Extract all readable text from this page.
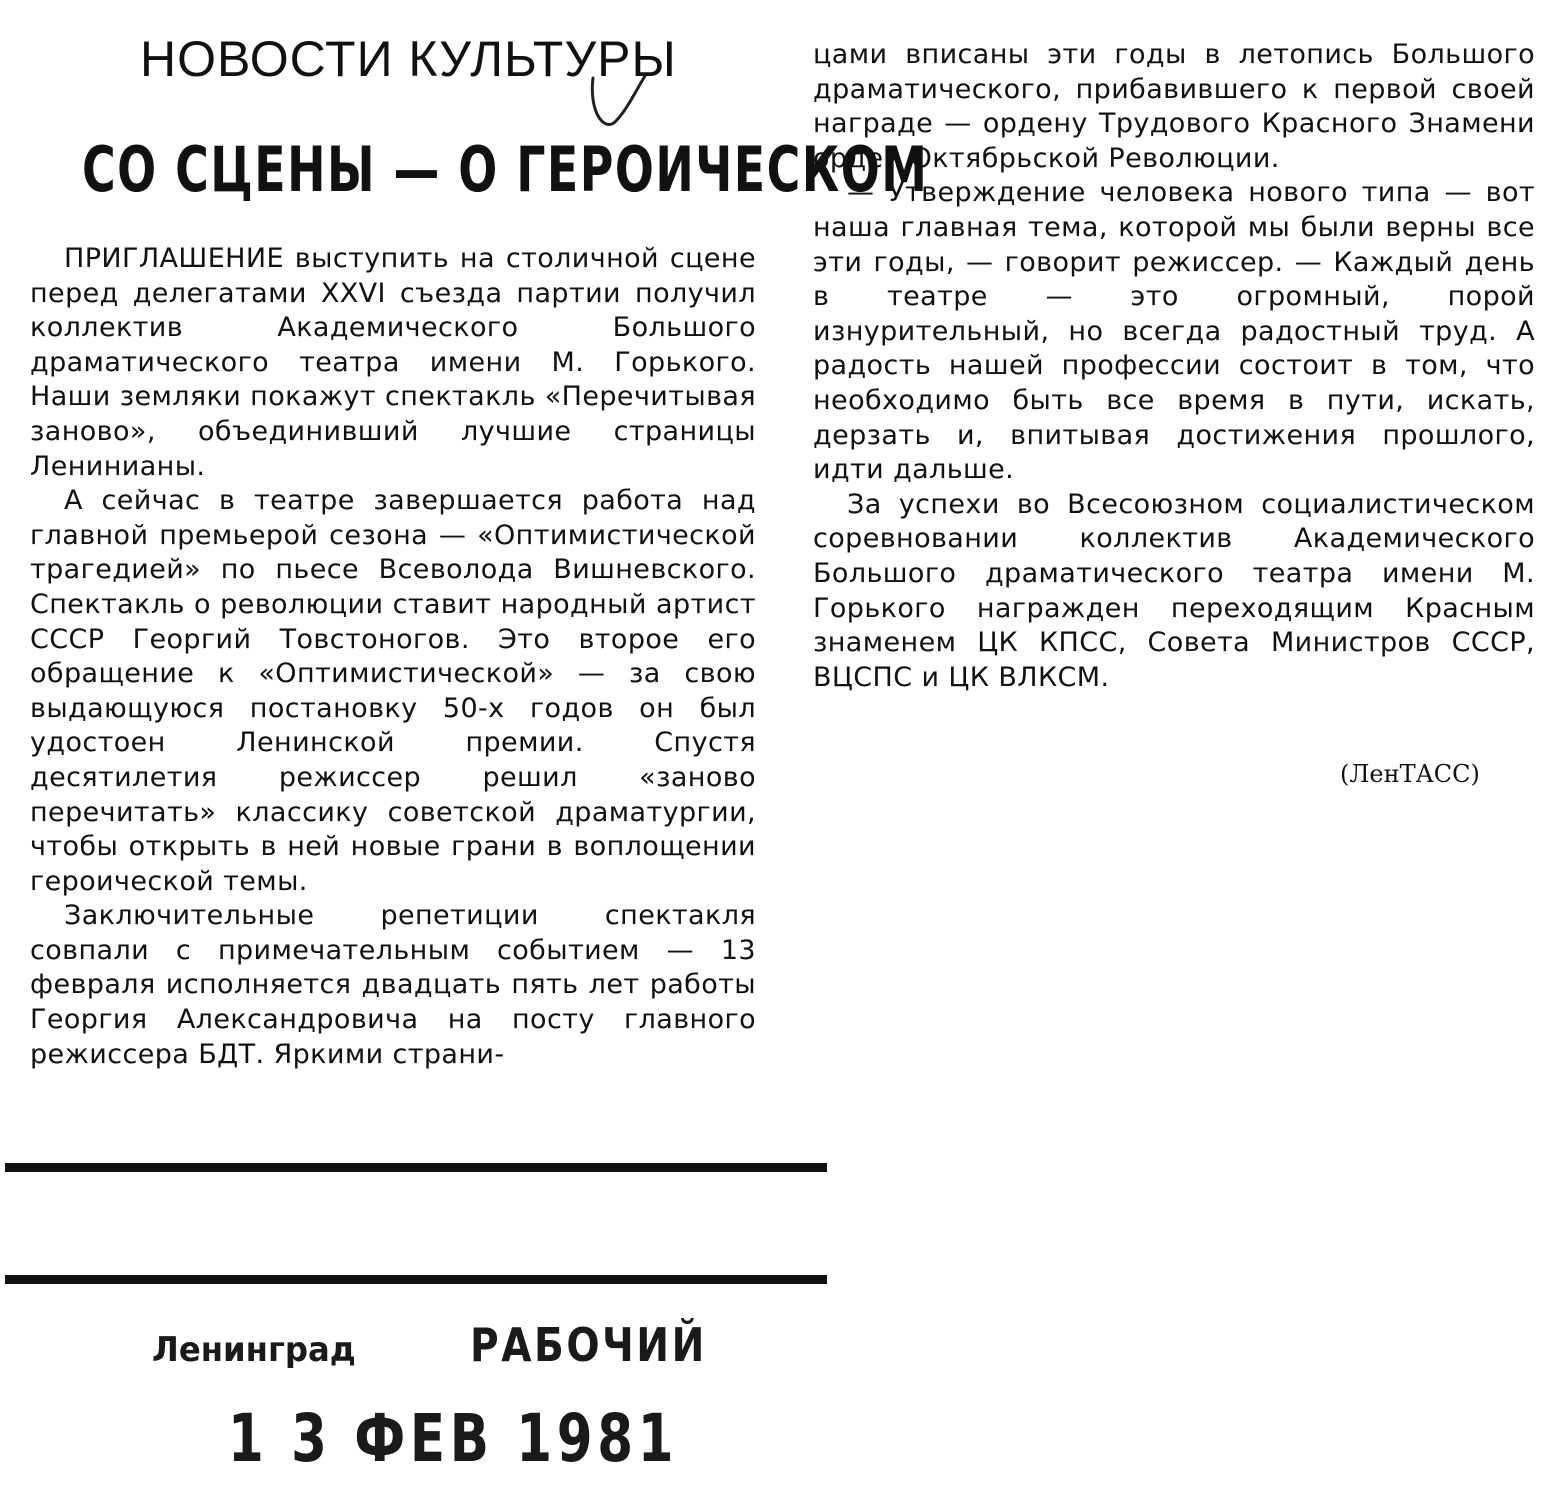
НОВОСТИ КУЛЬТУРЫ
СО СЦЕНЫ — О ГЕРОИЧЕСКОМ

ПРИГЛАШЕНИЕ выступить на столичной сцене перед делегатами XXVI съезда партии получил коллектив Академического Большого драматического театра имени М. Горького. Наши земляки покажут спектакль «Перечитывая заново», объединивший лучшие страницы Ленинианы.

А сейчас в театре завершается работа над главной премьерой сезона — «Оптимистической трагедией» по пьесе Всеволода Вишневского. Спектакль о революции ставит народный артист СССР Георгий Товстоногов. Это второе его обращение к «Оптимистической» — за свою выдающуюся постановку 50-х годов он был удостоен Ленинской премии. Спустя десятилетия режиссер решил «заново перечитать» классику советской драматургии, чтобы открыть в ней новые грани в воплощении героической темы.

Заключительные репетиции спектакля совпали с примечательным событием — 13 февраля исполняется двадцать пять лет работы Георгия Александровича на посту главного режиссера БДТ. Яркими страни-

цами вписаны эти годы в летопись Большого драматического, прибавившего к первой своей награде — ордену Трудового Красного Знамени орден Октябрьской Революции.

— Утверждение человека нового типа — вот наша главная тема, которой мы были верны все эти годы, — говорит режиссер. — Каждый день в театре — это огромный, порой изнурительный, но всегда радостный труд. А радость нашей профессии состоит в том, что необходимо быть все время в пути, искать, дерзать и, впитывая достижения прошлого, идти дальше.

За успехи во Всесоюзном социалистическом соревновании коллектив Академического Большого драматического театра имени М. Горького награжден переходящим Красным знаменем ЦК КПСС, Совета Министров СССР, ВЦСПС и ЦК ВЛКСМ.

(ЛенТАСС)
Ленинград РАБОЧИЙ
1 3 ФЕВ 1981
